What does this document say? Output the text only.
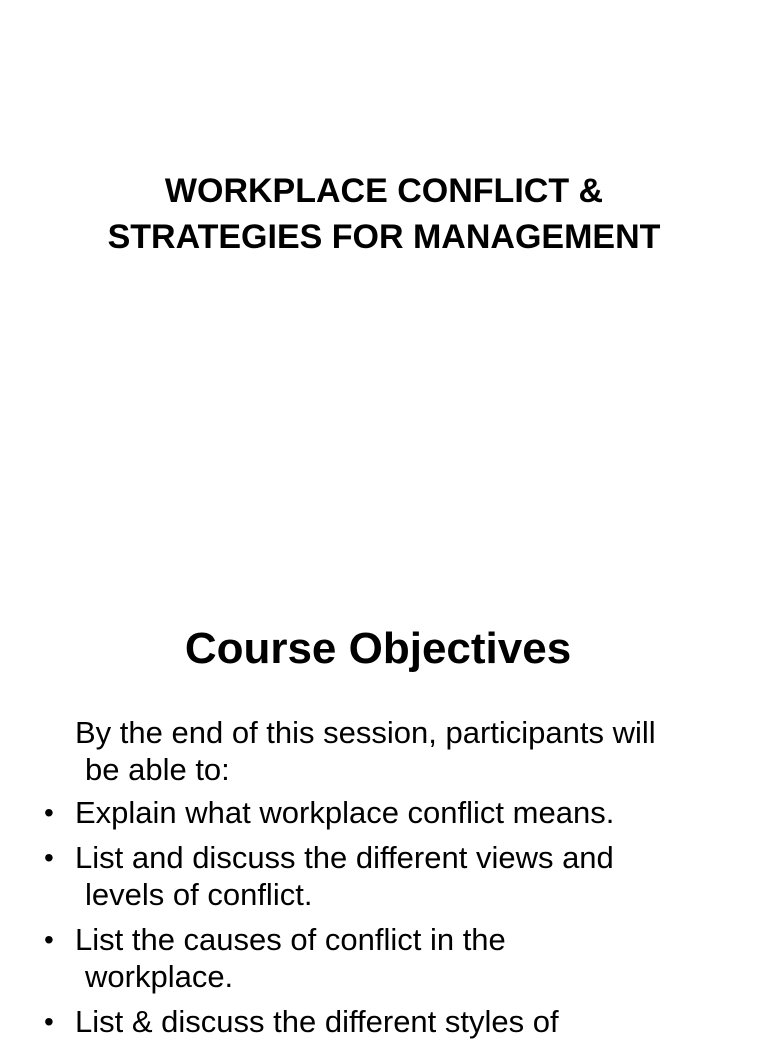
WORKPLACE CONFLICT &
STRATEGIES FOR MANAGEMENT
Course Objectives

By the end of this session, participants will
be able to:

• Explain what workplace conflict means.
• List and discuss the different views and
levels of conflict.
• List the causes of conflict in the
workplace.
• List & discuss the different styles of
